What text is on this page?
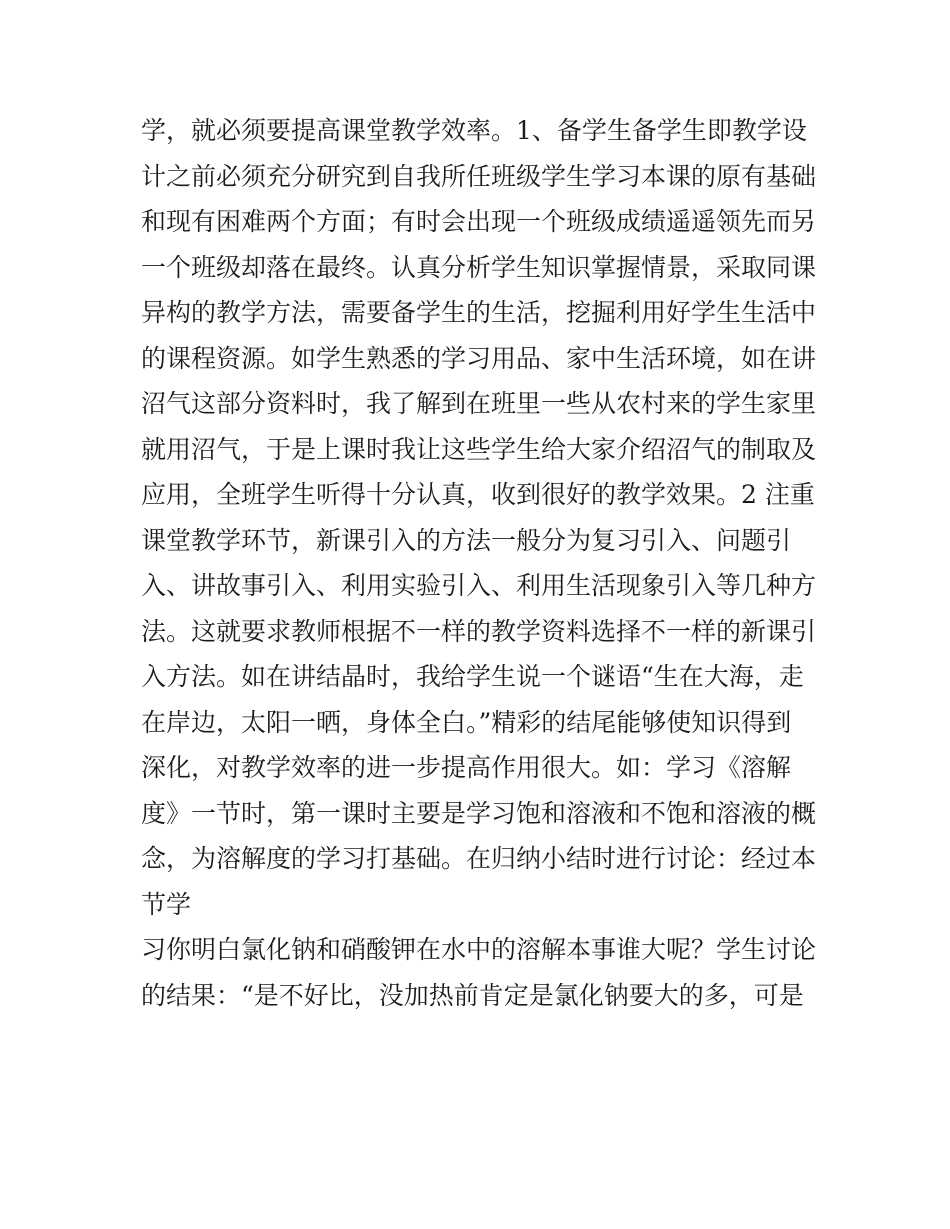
学，就必须要提高课堂教学效率。1、备学生备学生即教学设
计之前必须充分研究到自我所任班级学生学习本课的原有基础
和现有困难两个方面；有时会出现一个班级成绩遥遥领先而另
一个班级却落在最终。认真分析学生知识掌握情景，采取同课
异构的教学方法，需要备学生的生活，挖掘利用好学生生活中
的课程资源。如学生熟悉的学习用品、家中生活环境，如在讲
沼气这部分资料时，我了解到在班里一些从农村来的学生家里
就用沼气，于是上课时我让这些学生给大家介绍沼气的制取及
应用，全班学生听得十分认真，收到很好的教学效果。2 注重
课堂教学环节，新课引入的方法一般分为复习引入、问题引
入、讲故事引入、利用实验引入、利用生活现象引入等几种方
法。这就要求教师根据不一样的教学资料选择不一样的新课引
入方法。如在讲结晶时，我给学生说一个谜语“生在大海，走
在岸边，太阳一晒，身体全白。”精彩的结尾能够使知识得到
深化，对教学效率的进一步提高作用很大。如：学习《溶解
度》一节时，第一课时主要是学习饱和溶液和不饱和溶液的概
念，为溶解度的学习打基础。在归纳小结时进行讨论：经过本
节学
习你明白氯化钠和硝酸钾在水中的溶解本事谁大呢？学生讨论
的结果：“是不好比，没加热前肯定是氯化钠要大的多，可是
